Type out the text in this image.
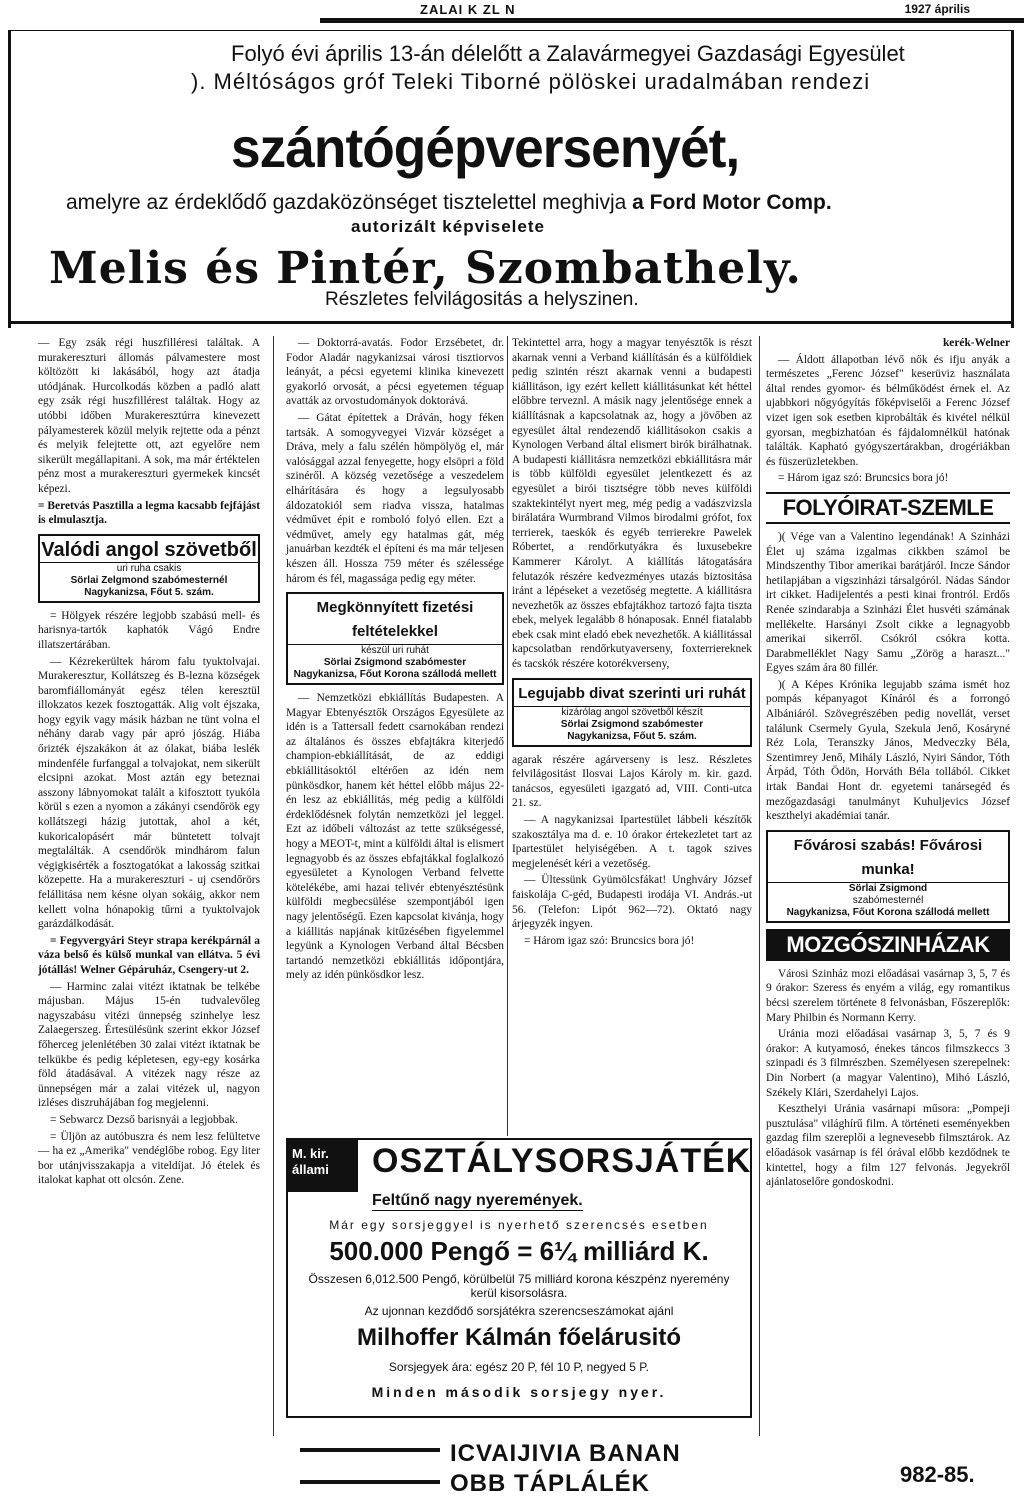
ZALAI K ZL N	1927 április
Folyó évi április 13-án délelőtt a Zalavármegyei Gazdasági Egyesület
). Méltóságos gróf Teleki Tiborné pölöskei uradalmában rendezi
szántógépversenyét,
amelyre az érdeklődő gazdaközönséget tisztelettel meghivja a Ford Motor Comp.
autorizált képviselete
Melis és Pintér, Szombathely.
Részletes felvilágositás a helyszinen.

— Egy zsák régi huszfilléresi találtak. A murakereszturi állomás pálvamestere most költözött ki lakásából, hogy azt átadja utódjának. Hurcolkodás közben a padló alatt egy zsák régi huszfillérest találtak. Hogy az utóbbi időben Murakeresztúrra kinevezett pályamesterek közül melyik rejtette oda a pénzt és melyik felejtette ott, azt egyelőre nem sikerült megállapitani. A sok, ma már értéktelen pénz most a murakereszturi gyermekek kincsét képezi.

= Beretvás Pasztilla a legma kacsabb fejfájást is elmulasztja.

Valódi angol szövetből
uri ruha csakis
Sörlai Zelgmond szabómesternél
Nagykanizsa, Főut 5. szám.

= Hölgyek részére legjobb szabású mell- és harisnya-tartók kaphatók Vágó Endre illatszertárában.

— Kézrekerültek három falu tyuktolvajai. Murakeresztur, Kollátszeg és B-lezna községek baromfiállományát egész télen keresztül illokzatos kezek fosztogatták. Alig volt éjszaka, hogy egyik vagy másik házban ne tünt volna el néhány darab vagy pár apró jószág. Hiába őrizték éjszakákon át az ólakat, biába leslék mindenféle furfanggal a tolvajokat, nem sikerült elcsipni azokat. Most aztán egy beteznai asszony lábnyomokat talált a kifosztott tyukóla körül s ezen a nyomon a zákányi csendőrök egy kollátszegi házig jutottak, ahol a két, kukoricalopásért már büntetett tolvajt megtalálták. A csendőrök mindhárom falun végigkisérték a fosztogatókat a lakosság szitkai közepette. Ha a murakereszturi - uj csendőrörs felállitása nem késne olyan sokáig, akkor nem kellett volna hónapokig tűrni a tyuktolvajok garázdálkodását.

= Fegyvergyári Steyr strapa kerékpárnál a váza belső és külső munkal van ellátva. 5 évi jótállás! Welner Gépáruház, Csengery-ut 2.

— Harminc zalai vitézt iktatnak be telkébe májusban. Május 15-én tudvalevőleg nagyszabásu vitézi ünnepség szinhelye lesz Zalaegerszeg. Értesülésünk szerint ekkor József főherceg jelenlétében 30 zalai vitézt iktatnak be telkükbe és pedig képletesen, egy-egy kosárka föld átadásával. A vitézek nagy része az ünnepségen már a zalai vitézek ul, nagyon izléses diszruhájában fog megjelenni.

= Sebwarcz Dezső barisnyái a legjobbak.

= Üljön az autóbuszra és nem lesz felültetve — ha ez „Amerika" vendéglőbe robog. Egy liter bor utánjvisszakapja a viteldíjat. Jó ételek és italokat kaphat ott olcsón. Zene.

— Doktorrá-avatás. Fodor Erzsébetet, dr. Fodor Aladár nagykanizsai városi tisztiorvos leányát, a pécsi egyetemi klinika kinevezett gyakorló orvosát, a pécsi egyetemen téguap avatták az orvostudományok doktorává.

— Gátat építettek a Dráván, hogy féken tartsák. A somogyvegyei Vizvár községet a Dráva, mely a falu szélén hömpölyög el, már valósággal azzal fenyegette, hogy elsöpri a föld szinéről. A község vezetősége a veszedelem elhárítására és hogy a legsulyosabb áldozatokiól sem riadva vissza, hatalmas védművet épit e romboló folyó ellen. Ezt a védművet, amely egy hatalmas gát, még januárban kezdték el építeni és ma már teljesen készen áll. Hossza 759 méter és szélessége három és fél, magassága pedig egy méter.

Megkönnyített fizetési feltételekkel
készül uri ruhát
Sörlai Zsigmond szabómester
Nagykanizsa, Főut Korona szállodá mellett

— Nemzetközi ebkiállítás Budapesten. A Magyar Ebtenyésztők Országos Egyesülete az idén is a Tattersall fedett csarnokában rendezi az általános és összes ebfajtákra kiterjedő champion-ebkiállítását, de az eddigi ebkiállitásoktól eltérően az idén nem pünkösdkor, hanem két héttel előbb május 22-én lesz az ebkiállitás, még pedig a külföldi érdeklődésnek folytán nemzetközi jel leggel. Ezt az időbeli változást az tette szükségessé, hogy a MEOT-t, mint a külföldi által is elismert legnagyobb és az összes ebfajtákkal foglalkozó egyesületet a Kynologen Verband felvette kötelékébe, ami hazai telivér ebtenyésztésünk külföldi megbecsülése szempontjából igen nagy jelentőségű. Ezen kapcsolat kivánja, hogy a kiállitás napjának kitűzésében figyelemmel legyünk a Kynologen Verband által Bécsben tartandó nemzetközi ebkiállitás időpontjára, mely az idén pünkösdkor lesz.

Tekintettel arra, hogy a magyar tenyésztők is részt akarnak venni a Verband kiállításán és a külföldiek pedig szintén részt akarnak venni a budapesti kiállitáson, igy ezért kellett kiállitásunkat két héttel előbbre terveznl. A másik nagy jelentősége ennek a kiállításnak a kapcsolatnak az, hogy a jövőben az egyesület által rendezendő kiállitásokon csakis a Kynologen Verband által elismert birók birálhatnak. A budapesti kiállitásra nemzetközi ebkiállitásra már is több külföldi egyesület jelentkezett és az egyesület a birói tisztségre több neves külföldi szaktekintélyt nyert meg, még pedig a vadászvizsla birálatára Wurmbrand Vilmos birodalmi grófot, fox terrierek, taeskók és egyéb terrierekre Pawelek Róbertet, a rendőrkutyákra és luxusebekre Kammerer Károlyt. A kiállítás látogatására felutazók részére kedvezményes utazás biztositása iránt a lépéseket a vezetőség megtette. A kiállitásra nevezhetők az összes ebfajtákhoz tartozó fajta tiszta ebek, melyek legalább 8 hónaposak. Ennél fiatalabb ebek csak mint eladó ebek nevezhetők. A kiállitással kapcsolatban rendőrkutyaverseny, foxterriereknek és tacskók részére kotorékverseny,

Legujabb divat szerinti uri ruhát
kizárólag angol szövetből készít
Sörlai Zsigmond szabómester
Nagykanizsa, Főut 5. szám.

agarak részére agárverseny is lesz. Részletes felvilágositást Ilosvai Lajos Károly m. kir. gazd. tanácsos, egyesületi igazgató ad, VIII. Conti-utca 21. sz.

— A nagykanizsai Ipartestület lábbeli készítők szakosztálya ma d. e. 10 órakor értekezletet tart az Ipartestület helyiségében. A t. tagok szives megjelenését kéri a vezetőség.

— Ültessünk Gyümölcsfákat! Unghváry József faiskolája C-géd, Budapesti irodája VI. András.-ut 56. (Telefon: Lipót 962—72). Oktató nagy árjegyzék ingyen.

= Három igaz szó: Bruncsics bora jó!

kerék-Welner

— Áldott állapotban lévő nők és ifju anyák a természetes „Ferenc József" keserüviz használata által rendes gyomor- és bélműködést érnek el. Az ujabbkori nőgyógyítás főképviselői a Ferenc József vizet igen sok esetben kiprobálták és kivétel nélkül gyorsan, megbizhatóan és fájdalomnélkül hatónak találták. Kapható gyógyszertárakban, drogériákban és füszerüzletekben.

= Három igaz szó: Bruncsics bora jó!

FOLYÓIRAT-SZEMLE

)( Vége van a Valentino legendának! A Szinházi Élet uj száma izgalmas cikkben számol be Mindszenthy Tibor amerikai barátjáról. Incze Sándor hetilapjában a vigszinházi társalgóról. Nádas Sándor irt cikket. Hadijelentés a pesti kinai frontról. Erdős Renée szindarabja a Szinházi Élet husvéti számának mellékelte. Harsányi Zsolt cikke a legnagyobb amerikai sikerről. Csókról csókra kotta. Darabmelléklet Nagy Samu „Zörög a haraszt..." Egyes szám ára 80 fillér.

)( A Képes Krónika legujabb száma ismét hoz pompás képanyagot Kínáról és a forrongó Albániáról. Szövegrészében pedig novellát, verset találunk Csermely Gyula, Szekula Jenő, Kosáryné Réz Lola, Teranszky János, Medveczky Béla, Szentimrey Jenő, Mihály László, Nyiri Sándor, Tóth Árpád, Tóth Ödön, Horváth Béla tollából. Cikket irtak Bandai Hont dr. egyetemi tanársegéd és mezőgazdasági tanulmányt Kuhuljevics József keszthelyi akadémiai tanár.

Fővárosi szabás! Fővárosi munka!
Sörlai Zsigmond
szabómesternél
Nagykanizsa, Főut Korona szállodá mellett
MOZGÓSZINHÁZAK

Városi Szinház mozi előadásai vasárnap 3, 5, 7 és 9 órakor: Szeress és enyém a világ, egy romantikus bécsi szerelem története 8 felvonásban, Főszereplők: Mary Philbin és Normann Kerry.

Uránia mozi előadásai vasárnap 3, 5, 7 és 9 órakor: A kutyamosó, énekes táncos filmszkeccs 3 szinpadi és 3 filmrészben. Személyesen szerepelnek: Din Norbert (a magyar Valentino), Mihó László, Székely Klári, Szerdahelyi Lajos.

Keszthelyi Uránia vasárnapi műsora: „Pompeji pusztulása" világhírű film. A történeti eseményekben gazdag film szereplői a legnevesebb filmsztárok. Az előadások vasárnap is fél órával előbb kezdődnek te kintettel, hogy a film 127 felvonás. Jegyekről ajánlatoselőre gondoskodni.

M. kir. állami	OSZTÁLYSORSJÁTÉK
Feltűnő nagy nyeremények.
Már egy sorsjeggyel is nyerhető szerencsés esetben
500.000 Pengő = 6¼ milliárd K.
Összesen 6,012.500 Pengő, körülbelül 75 milliárd korona készpénz nyeremény kerül kisorsolásra.
Az ujonnan kezdődő sorsjátékra szerencseszámokat ajánl
Milhoffer Kálmán főelárusitó
Sorsjegyek ára: egész 20 P, fél 10 P, negyed 5 P.
Minden második sorsjegy nyer.
ICVAIJIVIA BANAN
OBB TÁPLÁLÉK	982-85.
